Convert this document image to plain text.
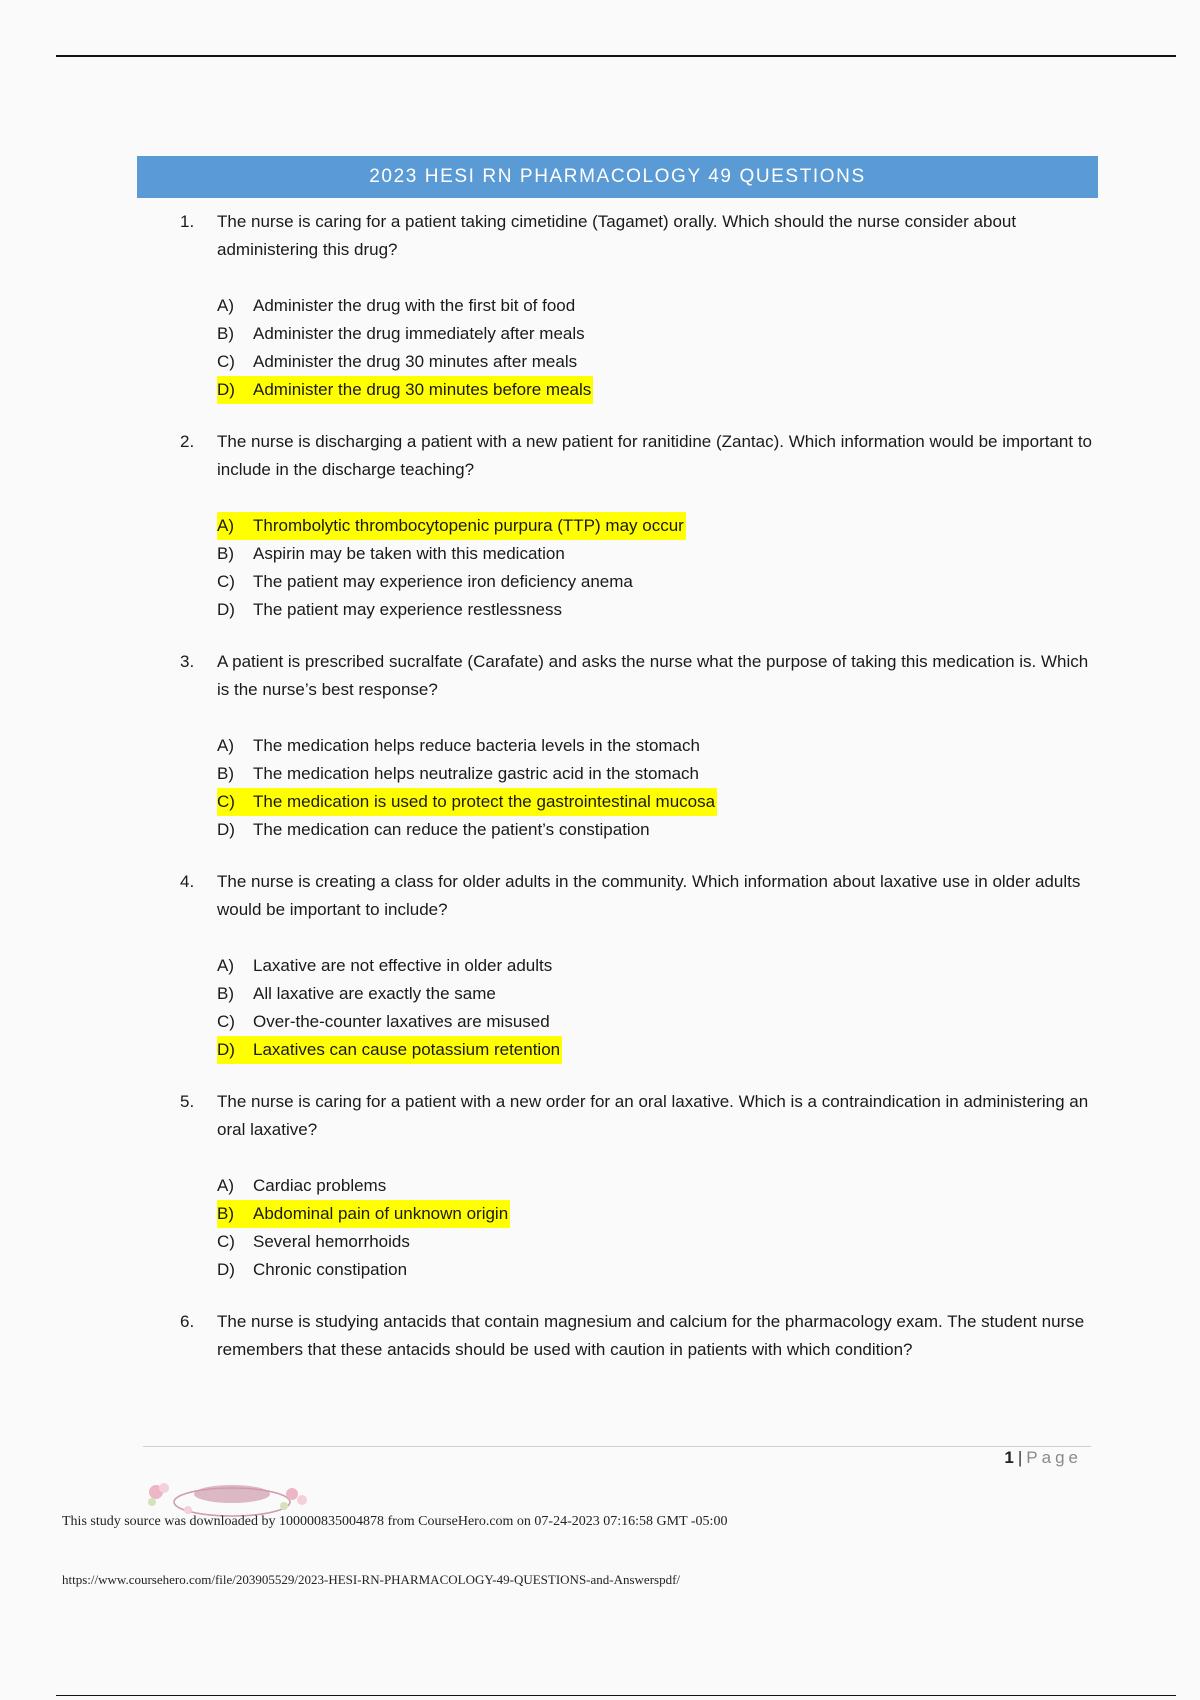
2023 HESI RN PHARMACOLOGY 49 QUESTIONS
1.	The nurse is caring for a patient taking cimetidine (Tagamet) orally. Which should the nurse consider about administering this drug?
A) Administer the drug with the first bit of food
B) Administer the drug immediately after meals
C) Administer the drug 30 minutes after meals
D) Administer the drug 30 minutes before meals
2.	The nurse is discharging a patient with a new patient for ranitidine (Zantac). Which information would be important to include in the discharge teaching?
A) Thrombolytic thrombocytopenic purpura (TTP) may occur
B) Aspirin may be taken with this medication
C) The patient may experience iron deficiency anema
D) The patient may experience restlessness
3.	A patient is prescribed sucralfate (Carafate) and asks the nurse what the purpose of taking this medication is. Which is the nurse’s best response?
A) The medication helps reduce bacteria levels in the stomach
B) The medication helps neutralize gastric acid in the stomach
C) The medication is used to protect the gastrointestinal mucosa
D) The medication can reduce the patient’s constipation
4.	The nurse is creating a class for older adults in the community. Which information about laxative use in older adults would be important to include?
A) Laxative are not effective in older adults
B) All laxative are exactly the same
C) Over-the-counter laxatives are misused
D) Laxatives can cause potassium retention
5.	The nurse is caring for a patient with a new order for an oral laxative. Which is a contraindication in administering an oral laxative?
A) Cardiac problems
B) Abdominal pain of unknown origin
C) Several hemorrhoids
D) Chronic constipation
6.	The nurse is studying antacids that contain magnesium and calcium for the pharmacology exam. The student nurse remembers that these antacids should be used with caution in patients with which condition?
1 | Page
This study source was downloaded by 100000835004878 from CourseHero.com on 07-24-2023 07:16:58 GMT -05:00
https://www.coursehero.com/file/203905529/2023-HESI-RN-PHARMACOLOGY-49-QUESTIONS-and-Answerspdf/
